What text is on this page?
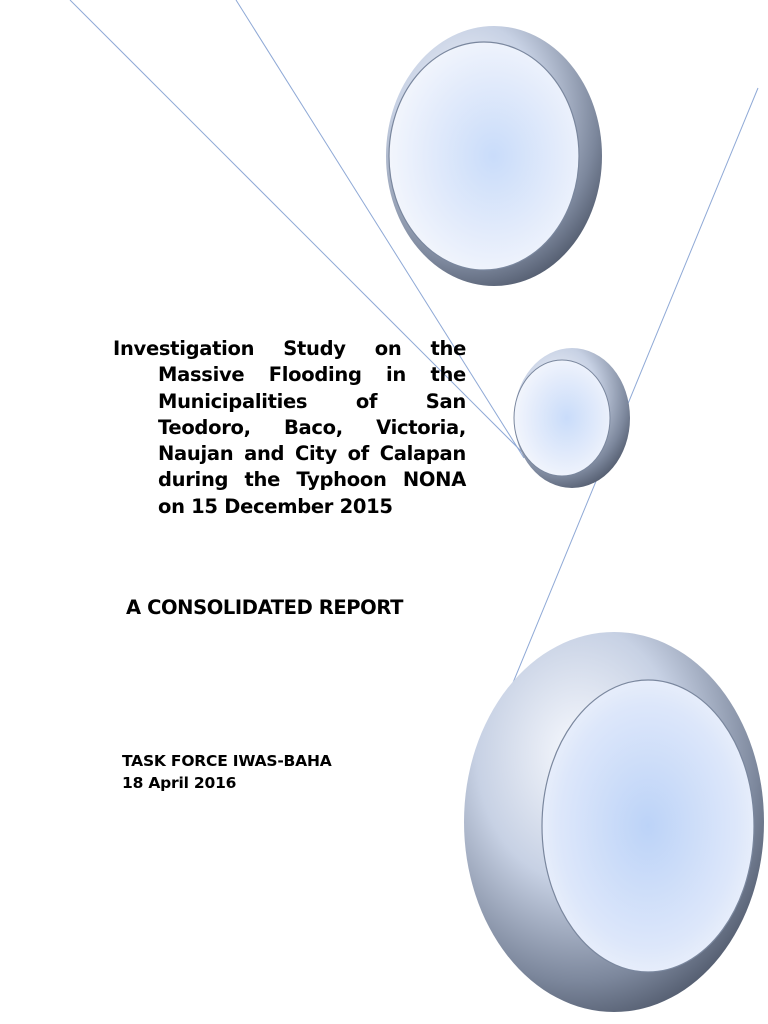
Investigation Study on the Massive Flooding in the Municipalities of San Teodoro, Baco, Victoria, Naujan and City of Calapan during the Typhoon NONA on 15 December 2015

A CONSOLIDATED REPORT

TASK FORCE IWAS-BAHA

18 April 2016
